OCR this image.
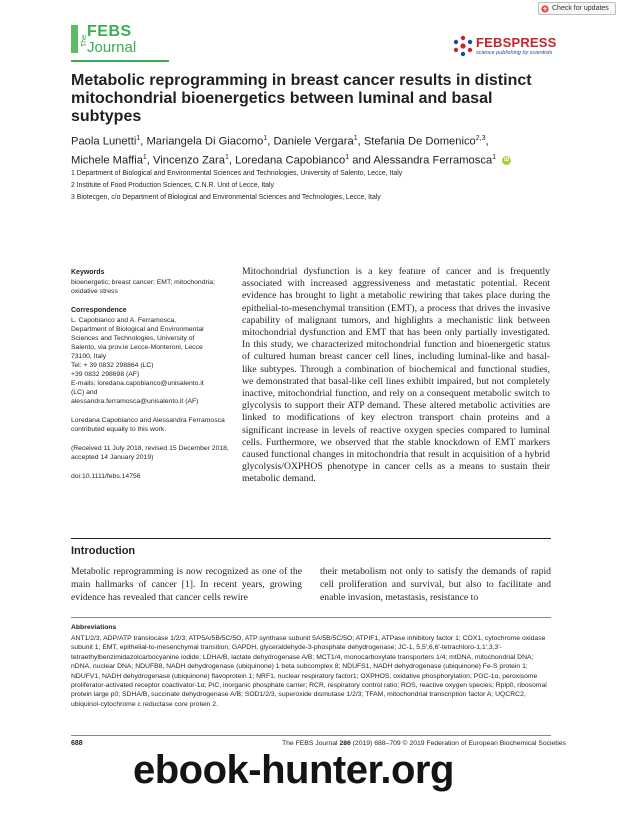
Check for updates
The
FEBS
Journal	FEBSPRESS
science publishing by scientists
Metabolic reprogramming in breast cancer results in distinct mitochondrial bioenergetics between luminal and basal subtypes
Paola Lunetti$^1$, Mariangela Di Giacomo$^1$, Daniele Vergara$^1$, Stefania De Domenico$^{2,3}$,
Michele Maffia$^1$, Vincenzo Zara$^1$, Loredana Capobianco$^1$ and Alessandra Ferramosca$^1$ iD
1 Department of Biological and Environmental Sciences and Technologies, University of Salento, Lecce, Italy
2 Institute of Food Production Sciences, C.N.R. Unit of Lecce, Italy
3 Biotecgen, c/o Department of Biological and Environmental Sciences and Technologies, Lecce, Italy
Keywords

bioenergetic; breast cancer; EMT; mitochondria; oxidative stress

Correspondence

L. Capobianco and A. Ferramosca,

Department of Biological and Environmental

Sciences and Technologies, University of

Salento, via prov.le Lecce-Monteroni, Lecce

73100, Italy

Tel: + 39 0832 298864 (LC)

+39 0832 298698 (AF)

E-mails: loredana.capobianco@unisalento.it

(LC) and

alessandra.ferramosca@unisalento.it (AF)

Loredana Capobianco and Alessandra Ferramosca contributed equally to this work.

(Received 11 July 2018, revised 15 December 2018, accepted 14 January 2019)

doi:10.1111/febs.14756

Mitochondrial dysfunction is a key feature of cancer and is frequently associated with increased aggressiveness and metastatic potential. Recent evidence has brought to light a metabolic rewiring that takes place during the epithelial-to-mesenchymal transition (EMT), a process that drives the invasive capability of malignant tumors, and highlights a mechanistic link between mitochondrial dysfunction and EMT that has been only partially investigated. In this study, we characterized mitochondrial function and bioenergetic status of cultured human breast cancer cell lines, including luminal-like and basal-like subtypes. Through a combination of biochemical and functional studies, we demonstrated that basal-like cell lines exhibit impaired, but not completely inactive, mitochondrial function, and rely on a consequent metabolic switch to glycolysis to support their ATP demand. These altered metabolic activities are linked to modifications of key electron transport chain proteins and a significant increase in levels of reactive oxygen species compared to luminal cells. Furthermore, we observed that the stable knockdown of EMT markers caused functional changes in mitochondria that result in acquisition of a hybrid glycolysis/OXPHOS phenotype in cancer cells as a means to sustain their metabolic demand.

Introduction

Metabolic reprogramming is now recognized as one of the main hallmarks of cancer [1]. In recent years, growing evidence has revealed that cancer cells rewire

their metabolism not only to satisfy the demands of rapid cell proliferation and survival, but also to facilitate and enable invasion, metastasis, resistance to

Abbreviations

ANT1/2/3, ADP/ATP translocase 1/2/3; ATP5A/5B/5C/5O, ATP synthase subunit 5A/5B/5C/5O; ATPIF1, ATPase inhibitory factor 1; COX1, cytochrome oxidase subunit 1; EMT, epithelial-to-mesenchymal transition; GAPDH, glyceraldehyde-3-phosphate dehydrogenase; JC-1, 5,5′,6,6′-tetrachloro-1,1′,3,3′-tetraethylbenzimidazolcarbocyanine iodide; LDHA/B, lactate dehydrogenase A/B; MCT1/4, monocarboxylate transporters 1/4; mtDNA, mitochondrial DNA; nDNA, nuclear DNA; NDUFB8, NADH dehydrogenase (ubiquinone) 1 beta subcomplex 8; NDUFS1, NADH dehydrogenase (ubiquinone) Fe-S protein 1; NDUFV1, NADH dehydrogenase (ubiquinone) flavoprotein 1; NRF1, nuclear respiratory factor1; OXPHOS, oxidative phosphorylation; PGC-1α, peroxisome proliferator-activated receptor coactivator-1α; PiC, inorganic phosphate carrier; RCR, respiratory control ratio; ROS, reactive oxygen species; Rplp0, ribosomal protein large p0; SDHA/B, succinate dehydrogenase A/B; SOD1/2/3, superoxide dismutase 1/2/3; TFAM, mitochondrial transcription factor A; UQCRC2, ubiquinol-cytochrome c reductase core protein 2.

688	The FEBS Journal 286 (2019) 688–709 © 2019 Federation of European Biochemical Societies
ebook-hunter.org
